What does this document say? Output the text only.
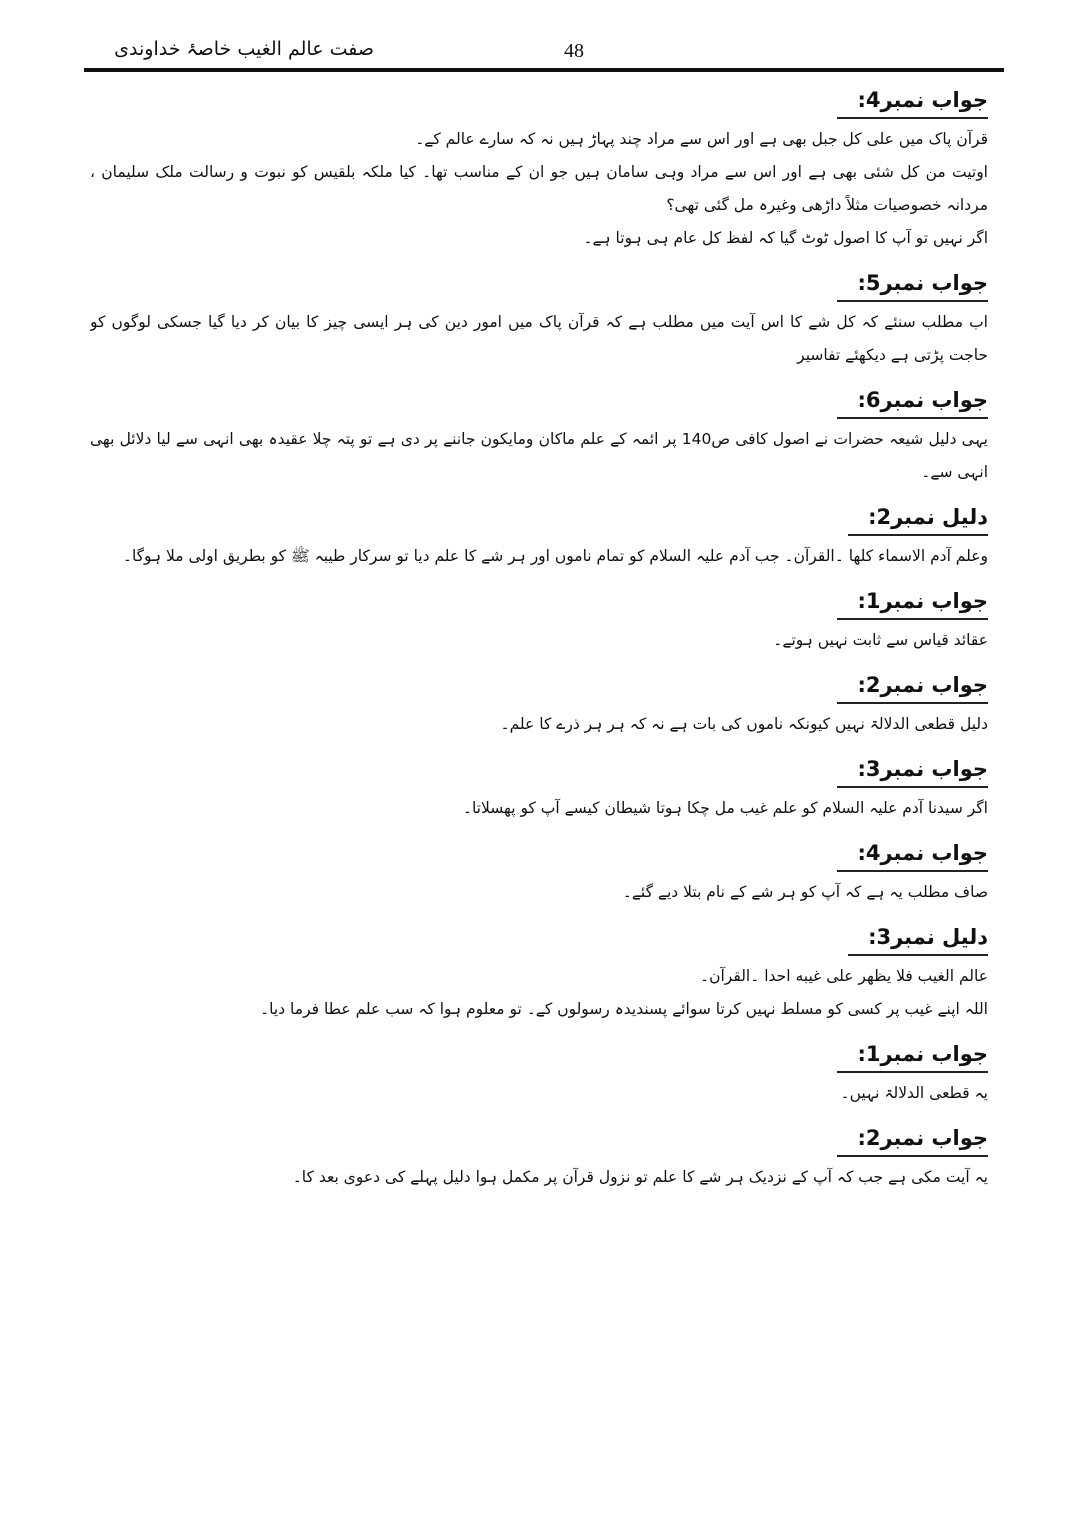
صفت عالم الغیب خاصۂ خداوندی	48
جواب نمبر4:
قرآن پاک میں علی کل جبل بھی ہے اور اس سے مراد چند پہاڑ ہیں نہ کہ سارے عالم کے۔
اوتیت من کل شئی بھی ہے اور اس سے مراد وہی سامان ہیں جو ان کے مناسب تھا۔ کیا ملکہ بلقیس کو نبوت و رسالت ملک سلیمان ،
مردانہ خصوصیات مثلاً داڑھی وغیرہ مل گئی تھی؟
اگر نہیں تو آپ کا اصول ٹوٹ گیا کہ لفظ کل عام ہی ہوتا ہے۔
جواب نمبر5:
اب مطلب سنئے کہ کل شے کا اس آیت میں مطلب ہے کہ قرآن پاک میں امور دین کی ہر ایسی چیز کا بیان کر دیا گیا جسکی لوگوں کو
حاجت پڑتی ہے دیکھئے تفاسیر
جواب نمبر6:
یہی دلیل شیعہ حضرات نے اصول کافی ص140 پر ائمہ کے علم ماکان ومایکون جاننے پر دی ہے تو پتہ چلا عقیدہ بھی انہی سے لیا دلائل بھی
انہی سے۔
دلیل نمبر2:
وعلم آدم الاسماء کلها ۔القرآن۔ جب آدم علیہ السلام کو تمام ناموں اور ہر شے کا علم دیا تو سرکار طیبہ ﷺ کو بطریق اولی ملا ہوگا۔
جواب نمبر1:
عقائد قیاس سے ثابت نہیں ہوتے۔
جواب نمبر2:
دلیل قطعی الدلالۃ نہیں کیونکہ ناموں کی بات ہے نہ کہ ہر ہر ذرے کا علم۔
جواب نمبر3:
اگر سیدنا آدم علیہ السلام کو علم غیب مل چکا ہوتا شیطان کیسے آپ کو پھسلاتا۔
جواب نمبر4:
صاف مطلب یہ ہے کہ آپ کو ہر شے کے نام بتلا دیے گئے۔
دلیل نمبر3:
عالم الغیب فلا یظهر علی غیبه احدا ۔القرآن۔
اللہ اپنے غیب پر کسی کو مسلط نہیں کرتا سوائے پسندیدہ رسولوں کے۔ تو معلوم ہوا کہ سب علم عطا فرما دیا۔
جواب نمبر1:
یہ قطعی الدلالۃ نہیں۔
جواب نمبر2:
یہ آیت مکی ہے جب کہ آپ کے نزدیک ہر شے کا علم تو نزول قرآن پر مکمل ہوا دلیل پہلے کی دعوی بعد کا۔
